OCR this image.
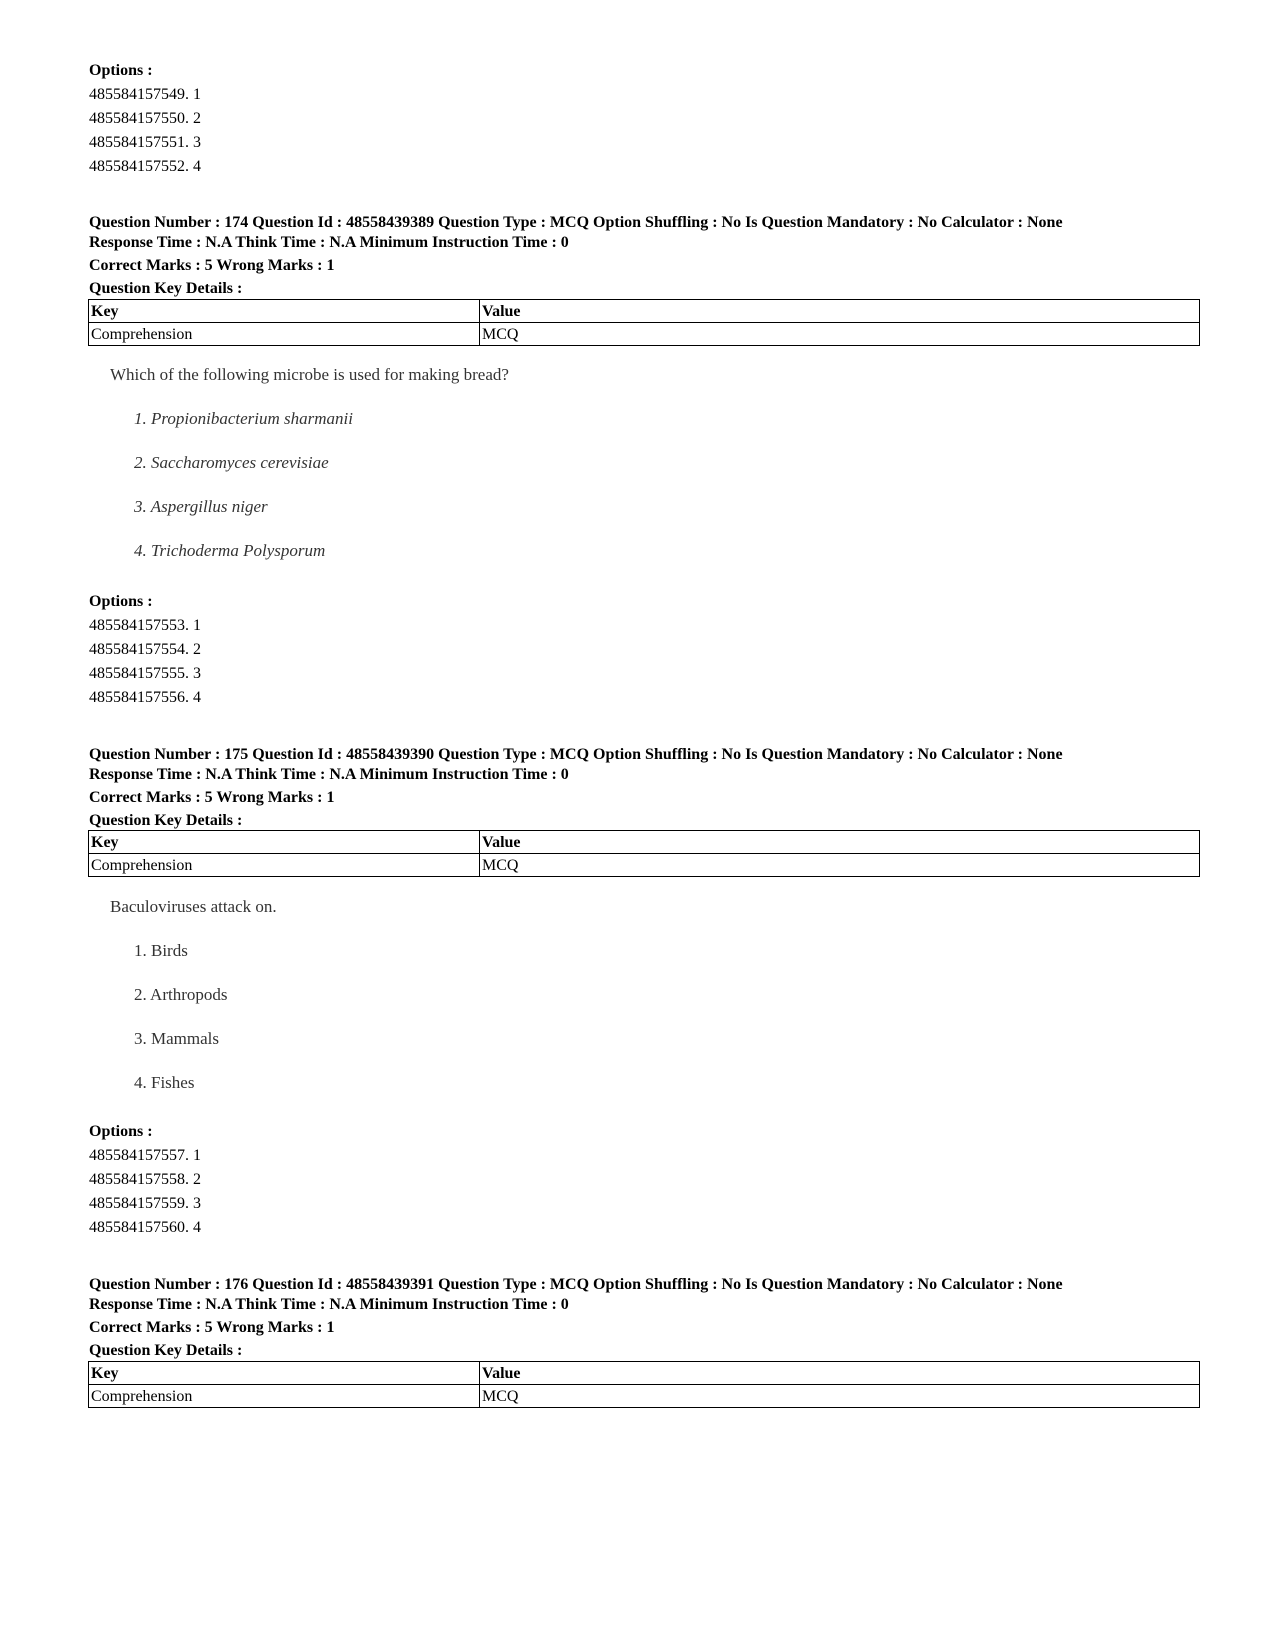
Options :
485584157549. 1
485584157550. 2
485584157551. 3
485584157552. 4
Question Number : 174 Question Id : 48558439389 Question Type : MCQ Option Shuffling : No Is Question Mandatory : No Calculator : None
Response Time : N.A Think Time : N.A Minimum Instruction Time : 0
Correct Marks : 5 Wrong Marks : 1
Question Key Details :
Key	Value
Comprehension	MCQ
Which of the following microbe is used for making bread?
1. Propionibacterium sharmanii
2. Saccharomyces cerevisiae
3. Aspergillus niger
4. Trichoderma Polysporum
Options :
485584157553. 1
485584157554. 2
485584157555. 3
485584157556. 4
Question Number : 175 Question Id : 48558439390 Question Type : MCQ Option Shuffling : No Is Question Mandatory : No Calculator : None
Response Time : N.A Think Time : N.A Minimum Instruction Time : 0
Correct Marks : 5 Wrong Marks : 1
Question Key Details :
Key	Value
Comprehension	MCQ
Baculoviruses attack on.
1. Birds
2. Arthropods
3. Mammals
4. Fishes
Options :
485584157557. 1
485584157558. 2
485584157559. 3
485584157560. 4
Question Number : 176 Question Id : 48558439391 Question Type : MCQ Option Shuffling : No Is Question Mandatory : No Calculator : None
Response Time : N.A Think Time : N.A Minimum Instruction Time : 0
Correct Marks : 5 Wrong Marks : 1
Question Key Details :
Key	Value
Comprehension	MCQ
